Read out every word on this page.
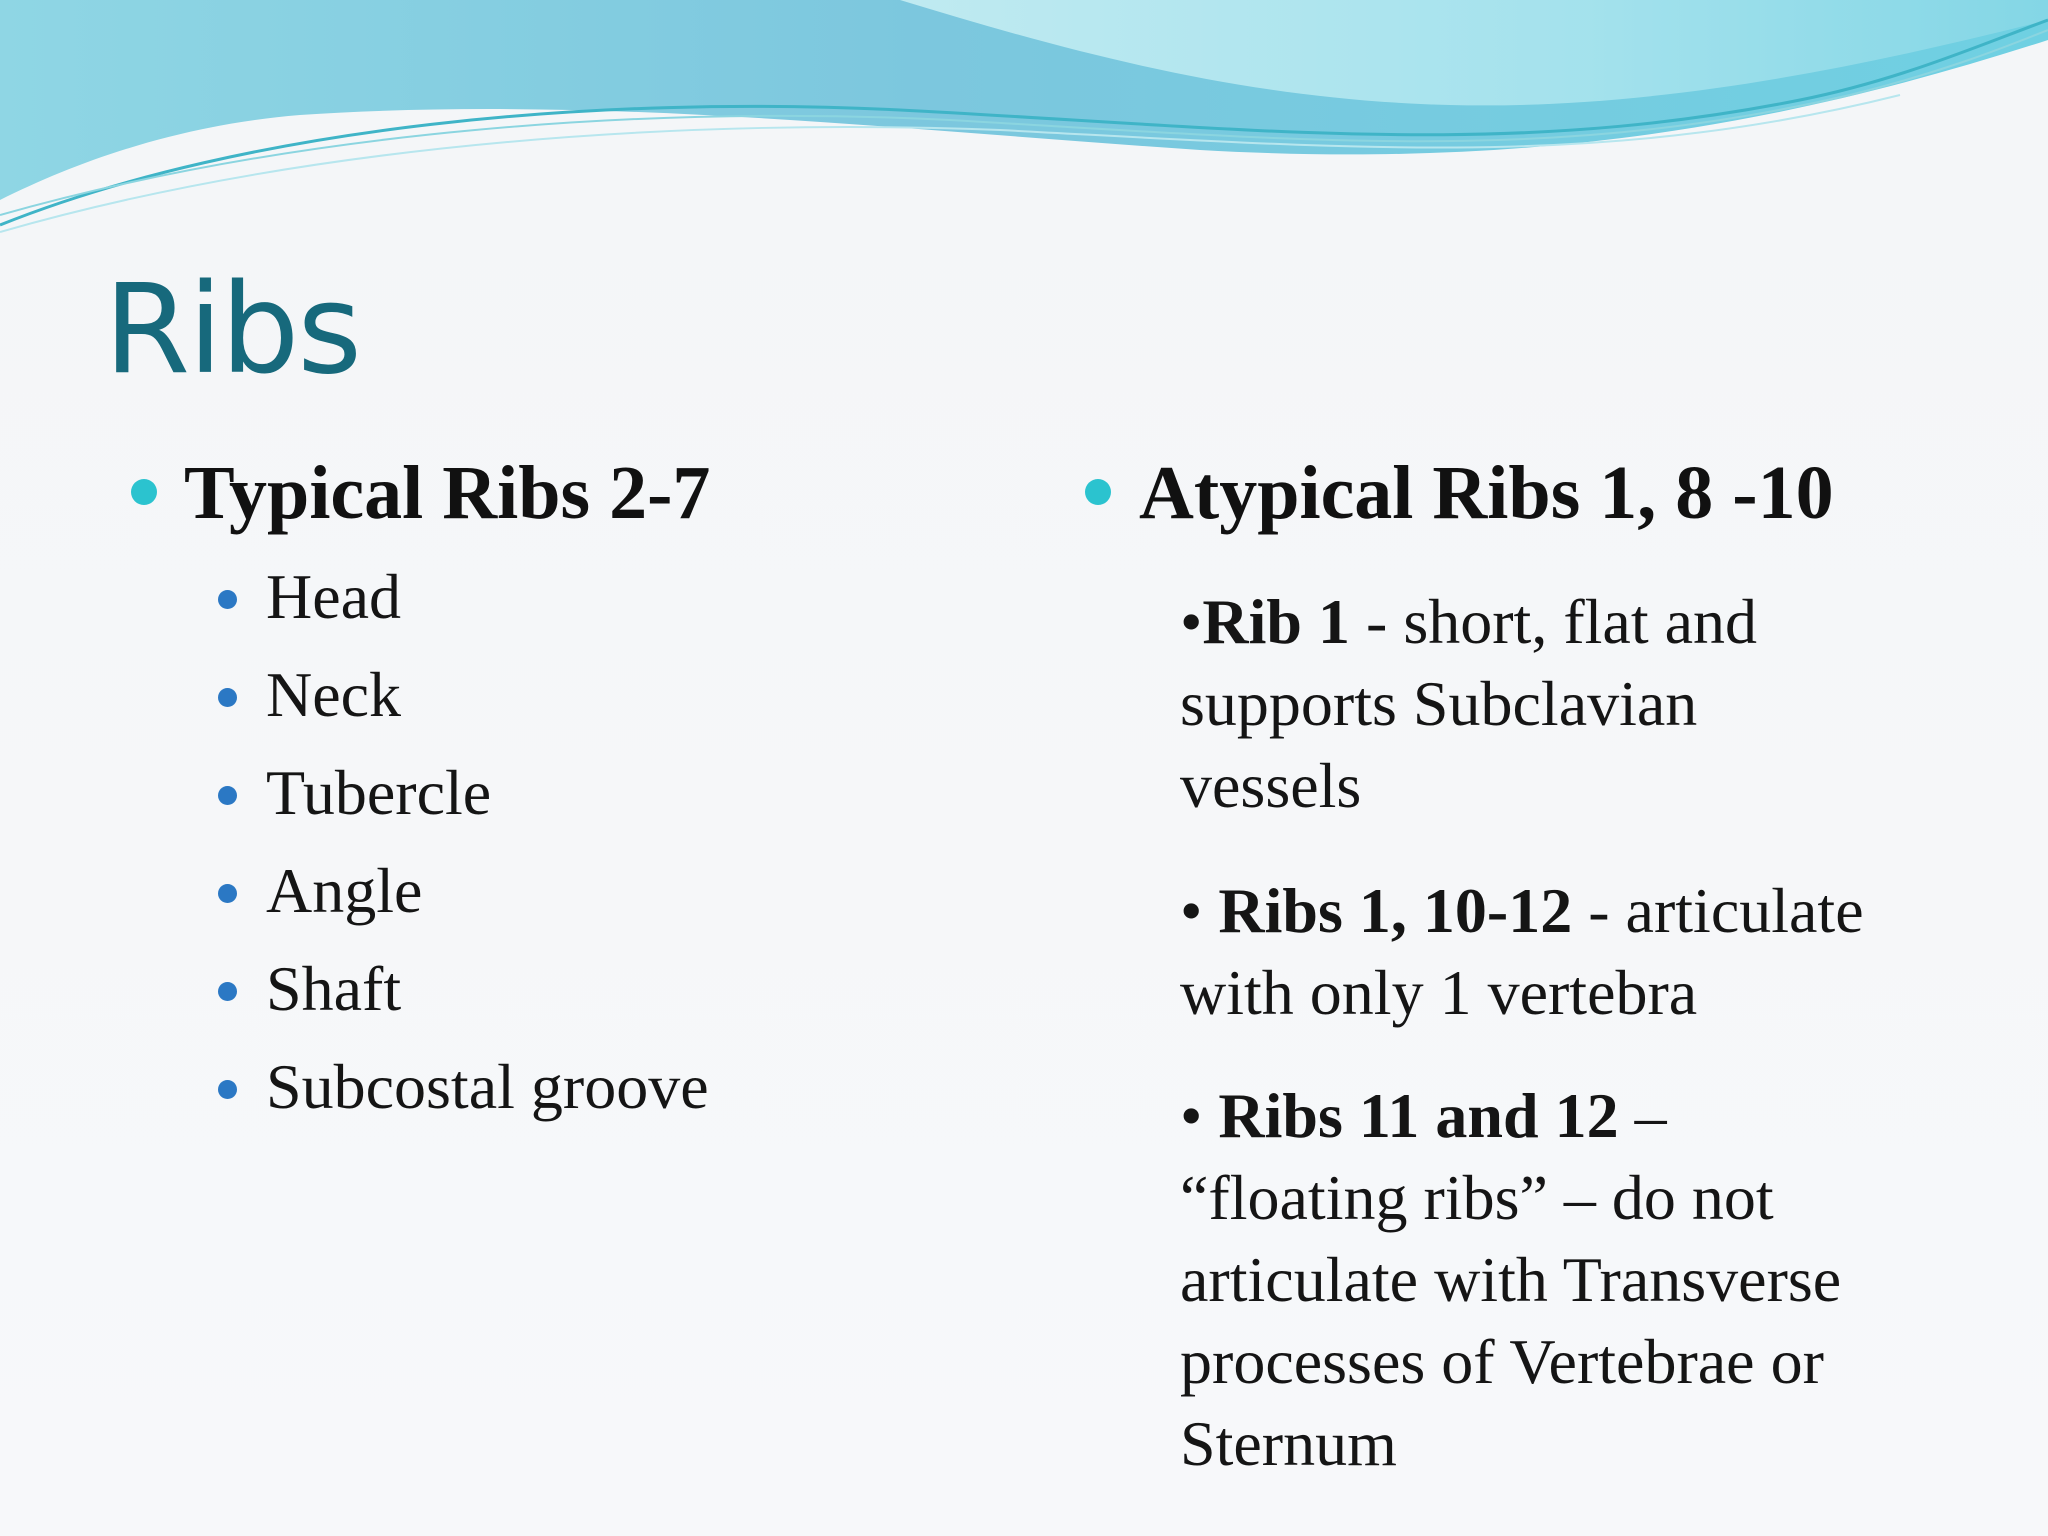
Ribs
Typical Ribs 2-7

Head

Neck

Tubercle

Angle

Shaft

Subcostal groove

Atypical Ribs 1, 8 -10
•Rib 1 - short, flat and
supports Subclavian
vessels
• Ribs 1, 10-12 - articulate
with only 1 vertebra
• Ribs 11 and 12 –
“floating ribs” – do not
articulate with Transverse
processes of Vertebrae or
Sternum
